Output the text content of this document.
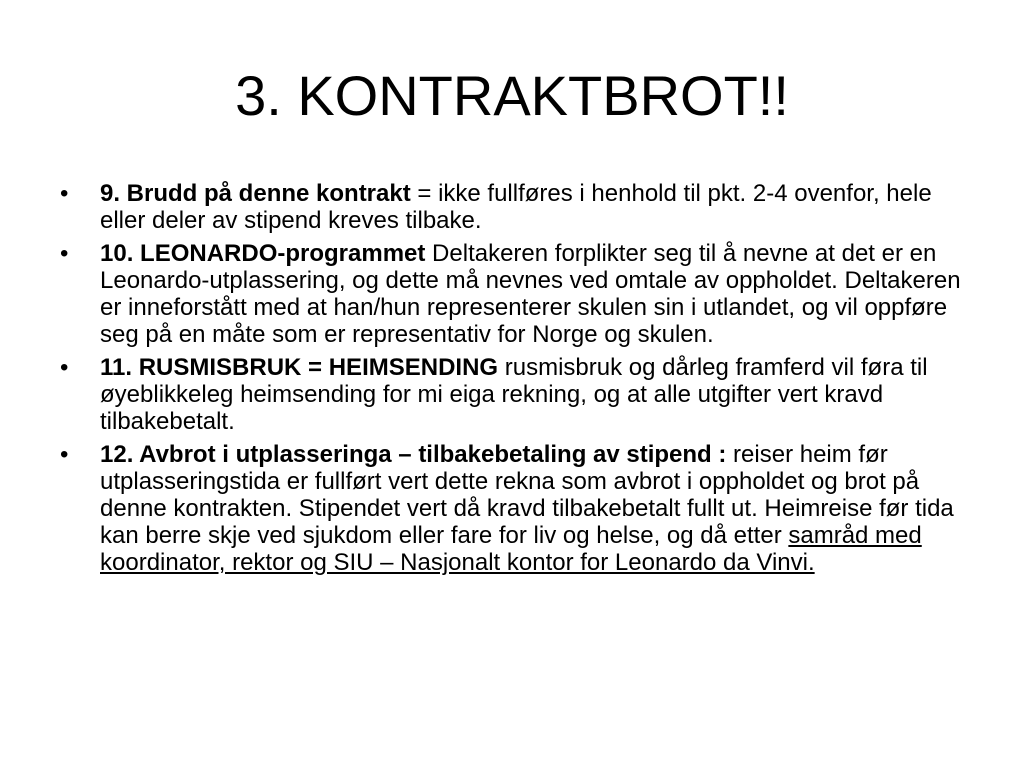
3. KONTRAKTBROT!!
•	9. Brudd på denne kontrakt = ikke fullføres i henhold til pkt. 2-4 ovenfor, hele eller deler av stipend kreves tilbake.
•	10. LEONARDO-programmet Deltakeren forplikter seg til å nevne at det er en Leonardo-utplassering, og dette må nevnes ved omtale av oppholdet. Deltakeren er inneforstått med at han/hun representerer skulen sin i utlandet, og vil oppføre seg på en måte som er representativ for Norge og skulen.
•	11. RUSMISBRUK = HEIMSENDING rusmisbruk og dårleg framferd vil føra til øyeblikkeleg heimsending for mi eiga rekning, og at alle utgifter vert kravd tilbakebetalt.
•	12. Avbrot i utplasseringa – tilbakebetaling av stipend : reiser heim før utplasseringstida er fullført vert dette rekna som avbrot i oppholdet og brot på denne kontrakten. Stipendet vert då kravd tilbakebetalt fullt ut. Heimreise før tida kan berre skje ved sjukdom eller fare for liv og helse, og då etter samråd med koordinator, rektor og SIU – Nasjonalt kontor for Leonardo da Vinvi.
